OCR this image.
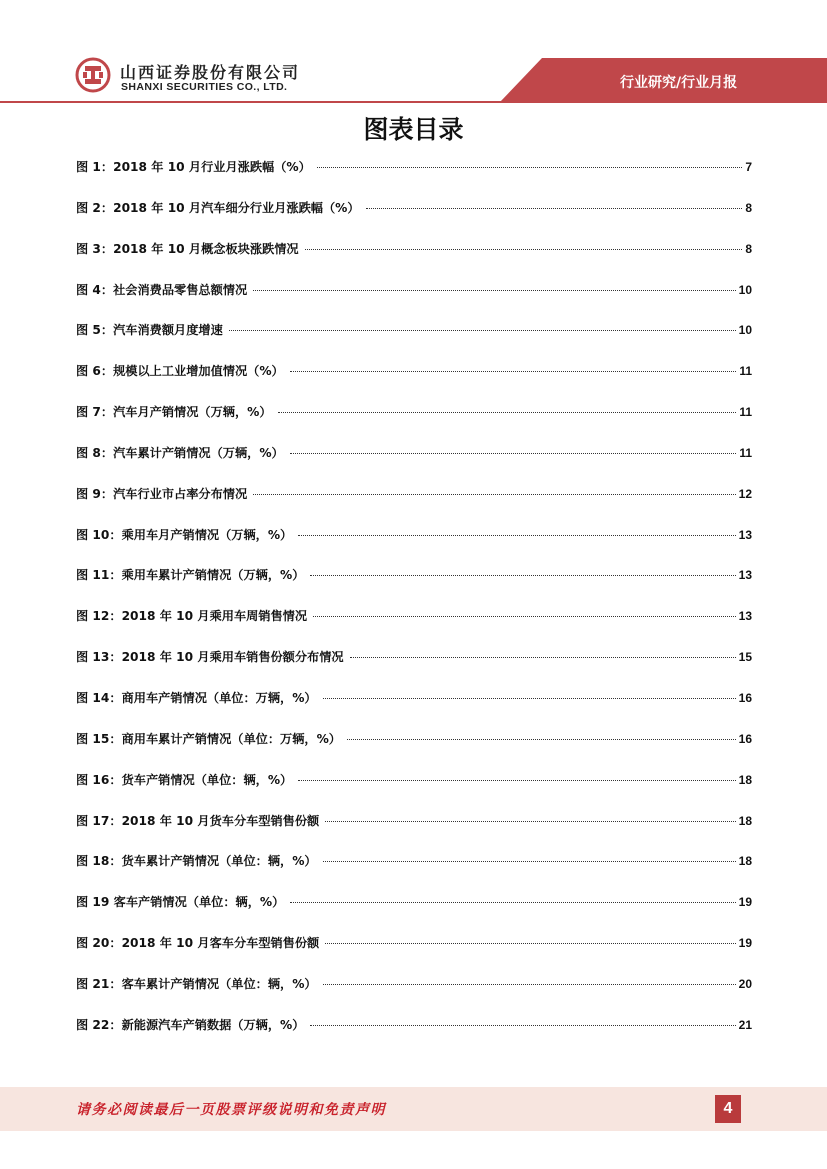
山西证券股份有限公司
SHANXI SECURITIES CO., LTD.	行业研究/行业月报
图表目录
图 1：2018 年 10 月行业月涨跌幅（%）	7
图 2：2018 年 10 月汽车细分行业月涨跌幅（%）	8
图 3：2018 年 10 月概念板块涨跌情况	8
图 4：社会消费品零售总额情况	10
图 5：汽车消费额月度增速	10
图 6：规模以上工业增加值情况（%）	11
图 7：汽车月产销情况（万辆，%）	11
图 8：汽车累计产销情况（万辆，%）	11
图 9：汽车行业市占率分布情况	12
图 10：乘用车月产销情况（万辆，%）	13
图 11：乘用车累计产销情况（万辆，%）	13
图 12：2018 年 10 月乘用车周销售情况	13
图 13：2018 年 10 月乘用车销售份额分布情况	15
图 14：商用车产销情况（单位：万辆，%）	16
图 15：商用车累计产销情况（单位：万辆，%）	16
图 16：货车产销情况（单位：辆，%）	18
图 17：2018 年 10 月货车分车型销售份额	18
图 18：货车累计产销情况（单位：辆，%）	18
图 19 客车产销情况（单位：辆，%）	19
图 20：2018 年 10 月客车分车型销售份额	19
图 21：客车累计产销情况（单位：辆，%）	20
图 22：新能源汽车产销数据（万辆，%）	21
请务必阅读最后一页股票评级说明和免责声明	4
